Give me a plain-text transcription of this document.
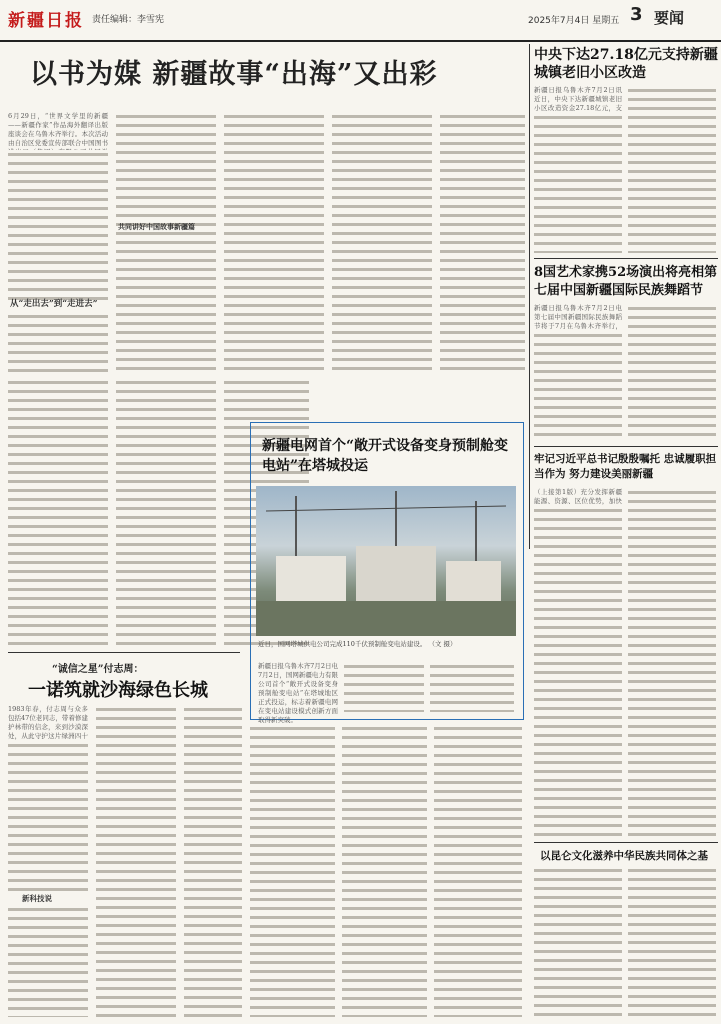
新疆日报 责任编辑：李雪宪	2025年7月4日 星期五 3 要闻
以书为媒 新疆故事“出海”又出彩
6月29日，“世界文学里的新疆——新疆作家”作品海外翻译出版座谈会在乌鲁木齐举行。本次活动由自治区党委宣传部联合中国图书
从“走出去”到“走进去”
共同讲好中国故事新疆篇
中央下达27.18亿元支持新疆城镇老旧小区改造
新疆日报乌鲁木齐7月2日讯 近日，中央下达新疆城镇老旧小区改造资金27.18亿元，支
8国艺术家携52场演出将亮相第七届中国新疆国际民族舞蹈节
新疆日报乌鲁木齐7月2日电 第七届中国新疆国际民族舞蹈节将于7月在乌鲁木齐举行，
牢记习近平总书记殷殷嘱托 忠诚履职担当作为 努力建设美丽新疆
（上接第1版）充分发挥新疆能源、资源、区位优势，加快
新疆电网首个“敞开式设备变身预制舱变电站”在塔城投运
近日，国网塔城供电公司完成110千伏预制舱变电站建设。 （文 摄）
新疆日报乌鲁木齐7月2日电 7月2日，国网新疆电力有限公司首个“敞开式设备变身预制舱变电站”在塔城地区正式投运，标志着新疆电网在变电站建设模式创新方面取得新突破。
“诚信之星”付志周：
一诺筑就沙海绿色长城
1983年春，付志周与众多包括47位老同志，带着修建护林带的信念，来到沙漠深处，从此守护这片绿洲四十
新科技说
以昆仑文化滋养中华民族共同体之基
